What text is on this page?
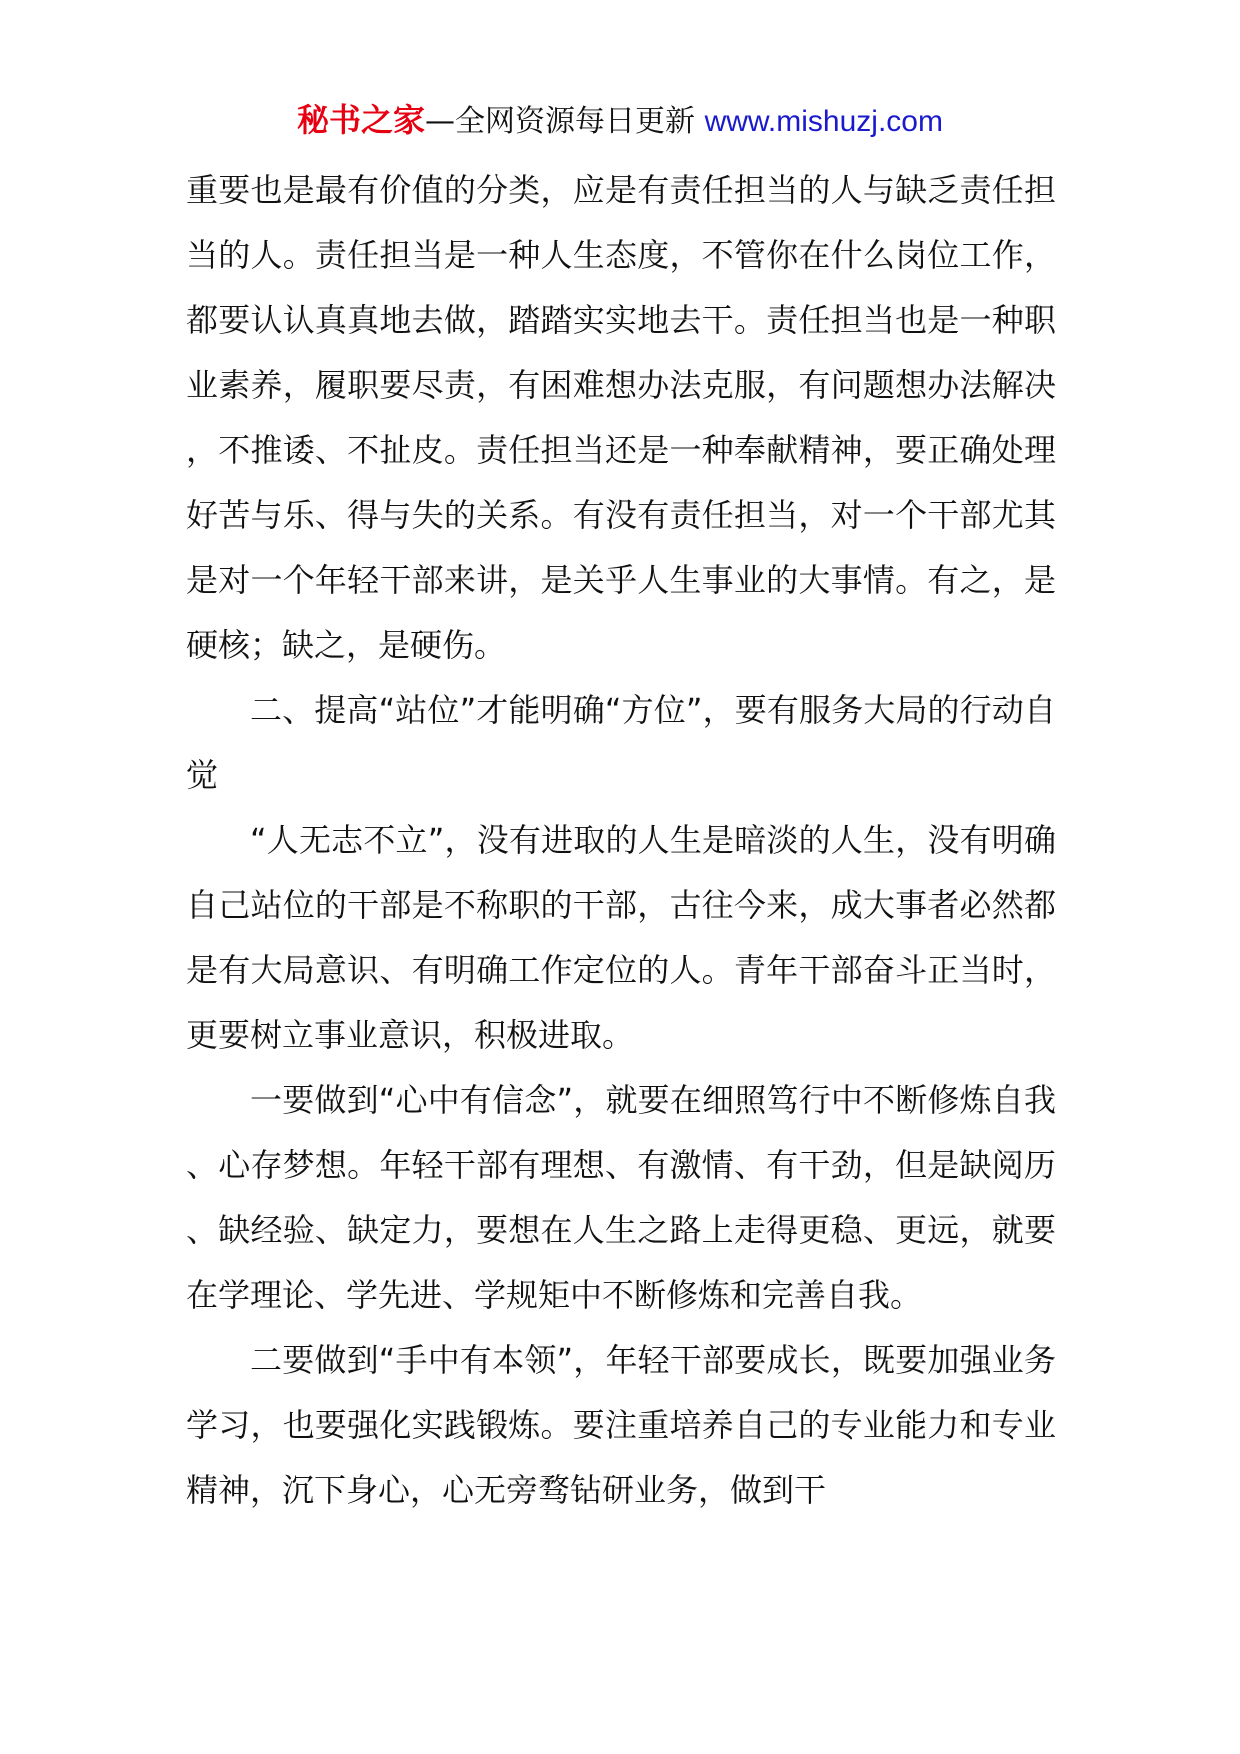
秘书之家—全网资源每日更新 www.mishuzj.com

重要也是最有价值的分类，应是有责任担当的人与缺乏责任担当的人。责任担当是一种人生态度，不管你在什么岗位工作，都要认认真真地去做，踏踏实实地去干。责任担当也是一种职业素养，履职要尽责，有困难想办法克服，有问题想办法解决，不推诿、不扯皮。责任担当还是一种奉献精神，要正确处理好苦与乐、得与失的关系。有没有责任担当，对一个干部尤其是对一个年轻干部来讲，是关乎人生事业的大事情。有之，是硬核；缺之，是硬伤。

二、提高“站位”才能明确“方位”，要有服务大局的行动自觉

“人无志不立”，没有进取的人生是暗淡的人生，没有明确自己站位的干部是不称职的干部，古往今来，成大事者必然都是有大局意识、有明确工作定位的人。青年干部奋斗正当时，更要树立事业意识，积极进取。

一要做到“心中有信念”，就要在细照笃行中不断修炼自我、心存梦想。年轻干部有理想、有激情、有干劲，但是缺阅历、缺经验、缺定力，要想在人生之路上走得更稳、更远，就要在学理论、学先进、学规矩中不断修炼和完善自我。

二要做到“手中有本领”，年轻干部要成长，既要加强业务学习，也要强化实践锻炼。要注重培养自己的专业能力和专业精神，沉下身心，心无旁骛钻研业务，做到干
